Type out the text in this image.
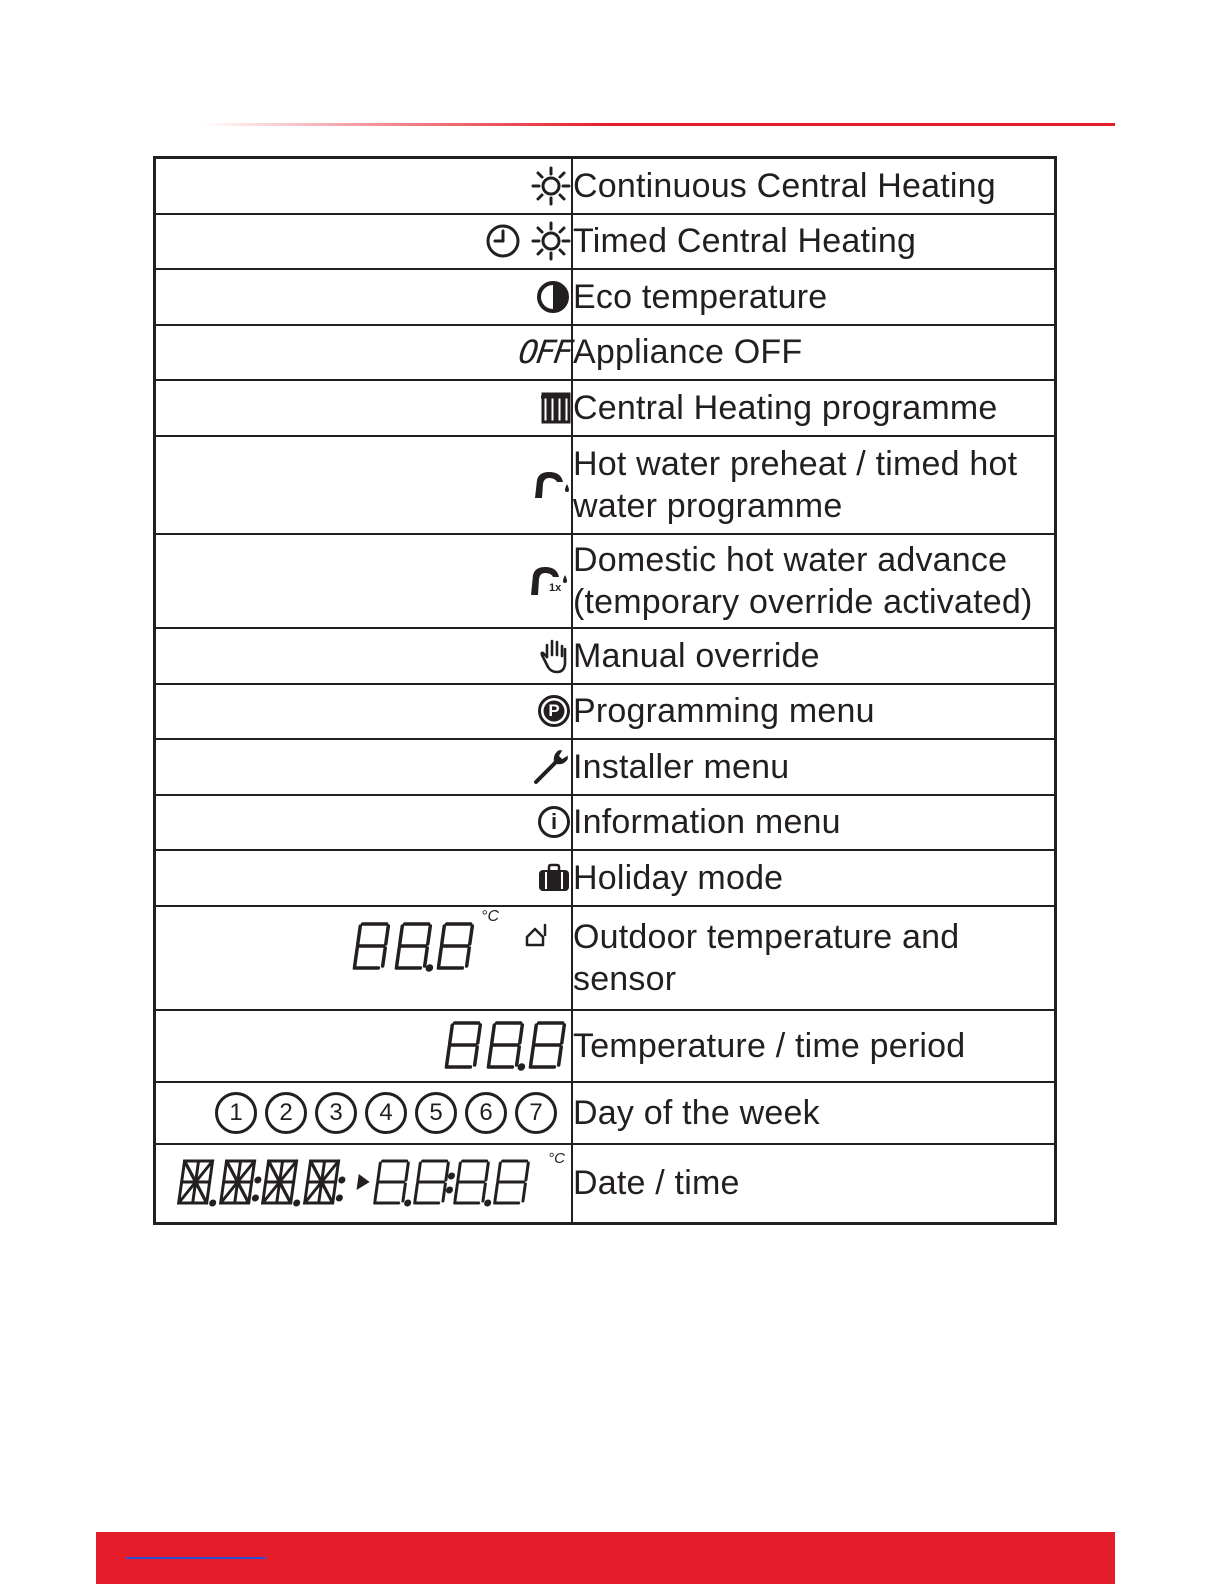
	Continuous Central Heating

	Timed Central Heating

	Eco temperature
OFF	Appliance OFF

	Central Heating programme

	Hot water preheat / timed hot water programme

1x	Domestic hot water advance (temporary override activated)

	Manual override

P	Programming menu

	Installer menu

i	Information menu

	Holiday mode

°C	Outdoor temperature and sensor

	Temperature / time period
1 2 3 4 5 6 7	Day of the week

°C	Date / time
